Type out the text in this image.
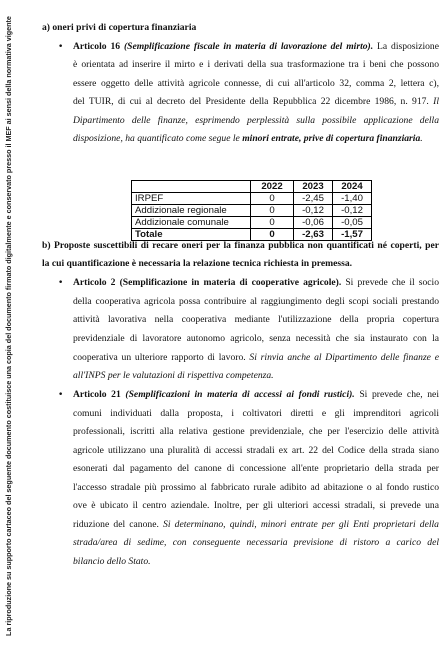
La riproduzione su supporto cartaceo del seguente documento costituisce una copia del documento firmato digitalmente e conservato presso il MEF ai sensi della normativa vigente	a) oneri privi di copertura finanziaria
• Articolo 16 (Semplificazione fiscale in materia di lavorazione del mirto). La disposizione
è orientata ad inserire il mirto e i derivati della sua trasformazione tra i beni che possono
essere oggetto delle attività agricole connesse, di cui all'articolo 32, comma 2, lettera c),
del TUIR, di cui al decreto del Presidente della Repubblica 22 dicembre 1986, n. 917. Il
Dipartimento delle finanze, esprimendo perplessità sulla possibile applicazione della
disposizione, ha quantificato come segue le minori entrate, prive di copertura finanziaria.
	2022	2023	2024
IRPEF	0	-2,45	-1,40
Addizionale regionale	0	-0,12	-0,12
Addizionale comunale	0	-0,06	-0,05
Totale	0	-2,63	-1,57
b) Proposte suscettibili di recare oneri per la finanza pubblica non quantificati né coperti, per
la cui quantificazione è necessaria la relazione tecnica richiesta in premessa.
• Articolo 2 (Semplificazione in materia di cooperative agricole). Si prevede che il socio
della cooperativa agricola possa contribuire al raggiungimento degli scopi sociali prestando
attività lavorativa nella cooperativa mediante l'utilizzazione della propria copertura
previdenziale di lavoratore autonomo agricolo, senza necessità che sia instaurato con la
cooperativa un ulteriore rapporto di lavoro. Si rinvia anche al Dipartimento delle finanze e
all'INPS per le valutazioni di rispettiva competenza.
• Articolo 21 (Semplificazioni in materia di accessi ai fondi rustici). Si prevede che, nei
comuni individuati dalla proposta, i coltivatori diretti e gli imprenditori agricoli
professionali, iscritti alla relativa gestione previdenziale, che per l'esercizio delle attività
agricole utilizzano una pluralità di accessi stradali ex art. 22 del Codice della strada siano
esonerati dal pagamento del canone di concessione all'ente proprietario della strada per
l'accesso stradale più prossimo al fabbricato rurale adibito ad abitazione o al fondo rustico
ove è ubicato il centro aziendale. Inoltre, per gli ulteriori accessi stradali, si prevede una
riduzione del canone. Si determinano, quindi, minori entrate per gli Enti proprietari della
strada/area di sedime, con conseguente necessaria previsione di ristoro a carico del
bilancio dello Stato.
